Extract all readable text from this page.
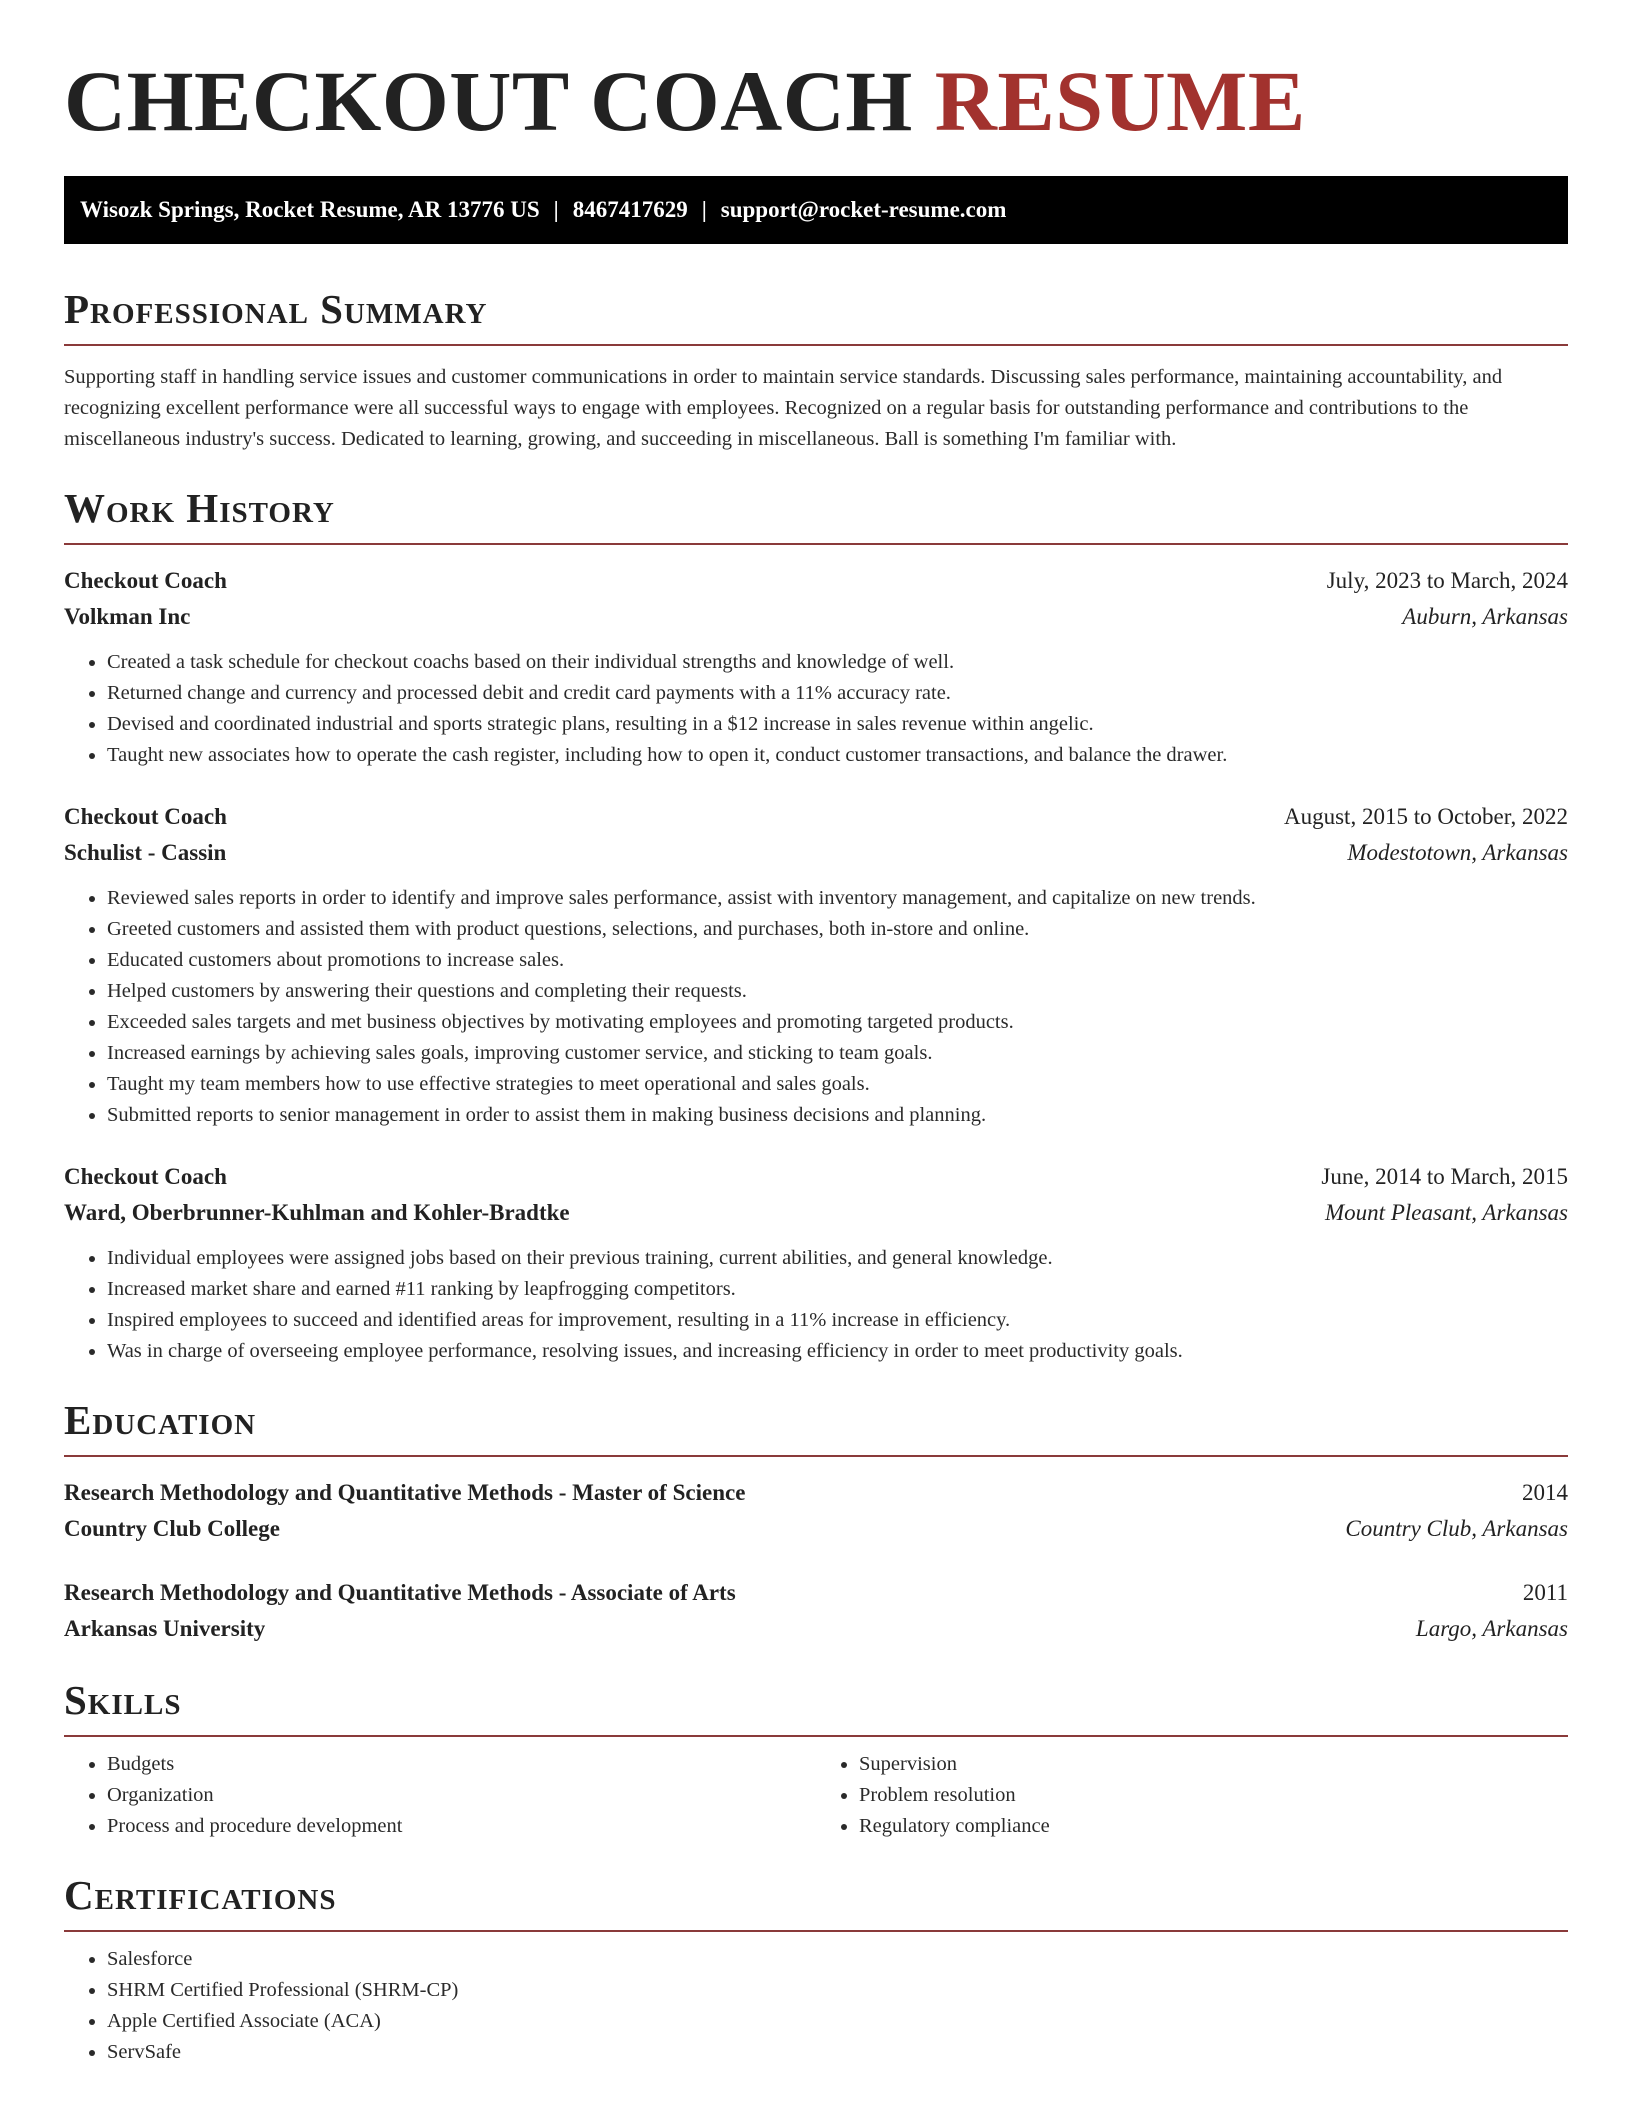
CHECKOUT COACH RESUME
Wisozk Springs, Rocket Resume, AR 13776 US | 8467417629 | support@rocket-resume.com
Professional Summary

Supporting staff in handling service issues and customer communications in order to maintain service standards. Discussing sales performance, maintaining accountability, and recognizing excellent performance were all successful ways to engage with employees. Recognized on a regular basis for outstanding performance and contributions to the miscellaneous industry's success. Dedicated to learning, growing, and succeeding in miscellaneous. Ball is something I'm familiar with.

Work History
Checkout Coach	July, 2023 to March, 2024
Volkman Inc	Auburn, Arkansas
• Created a task schedule for checkout coachs based on their individual strengths and knowledge of well.
• Returned change and currency and processed debit and credit card payments with a 11% accuracy rate.
• Devised and coordinated industrial and sports strategic plans, resulting in a $12 increase in sales revenue within angelic.
• Taught new associates how to operate the cash register, including how to open it, conduct customer transactions, and balance the drawer.
Checkout Coach	August, 2015 to October, 2022
Schulist - Cassin	Modestotown, Arkansas
• Reviewed sales reports in order to identify and improve sales performance, assist with inventory management, and capitalize on new trends.
• Greeted customers and assisted them with product questions, selections, and purchases, both in-store and online.
• Educated customers about promotions to increase sales.
• Helped customers by answering their questions and completing their requests.
• Exceeded sales targets and met business objectives by motivating employees and promoting targeted products.
• Increased earnings by achieving sales goals, improving customer service, and sticking to team goals.
• Taught my team members how to use effective strategies to meet operational and sales goals.
• Submitted reports to senior management in order to assist them in making business decisions and planning.
Checkout Coach	June, 2014 to March, 2015
Ward, Oberbrunner-Kuhlman and Kohler-Bradtke	Mount Pleasant, Arkansas
• Individual employees were assigned jobs based on their previous training, current abilities, and general knowledge.
• Increased market share and earned #11 ranking by leapfrogging competitors.
• Inspired employees to succeed and identified areas for improvement, resulting in a 11% increase in efficiency.
• Was in charge of overseeing employee performance, resolving issues, and increasing efficiency in order to meet productivity goals.
Education
Research Methodology and Quantitative Methods - Master of Science	2014
Country Club College	Country Club, Arkansas
Research Methodology and Quantitative Methods - Associate of Arts	2011
Arkansas University	Largo, Arkansas
Skills
• Budgets
• Organization
• Process and procedure development
• Supervision
• Problem resolution
• Regulatory compliance
Certifications
• Salesforce
• SHRM Certified Professional (SHRM-CP)
• Apple Certified Associate (ACA)
• ServSafe
